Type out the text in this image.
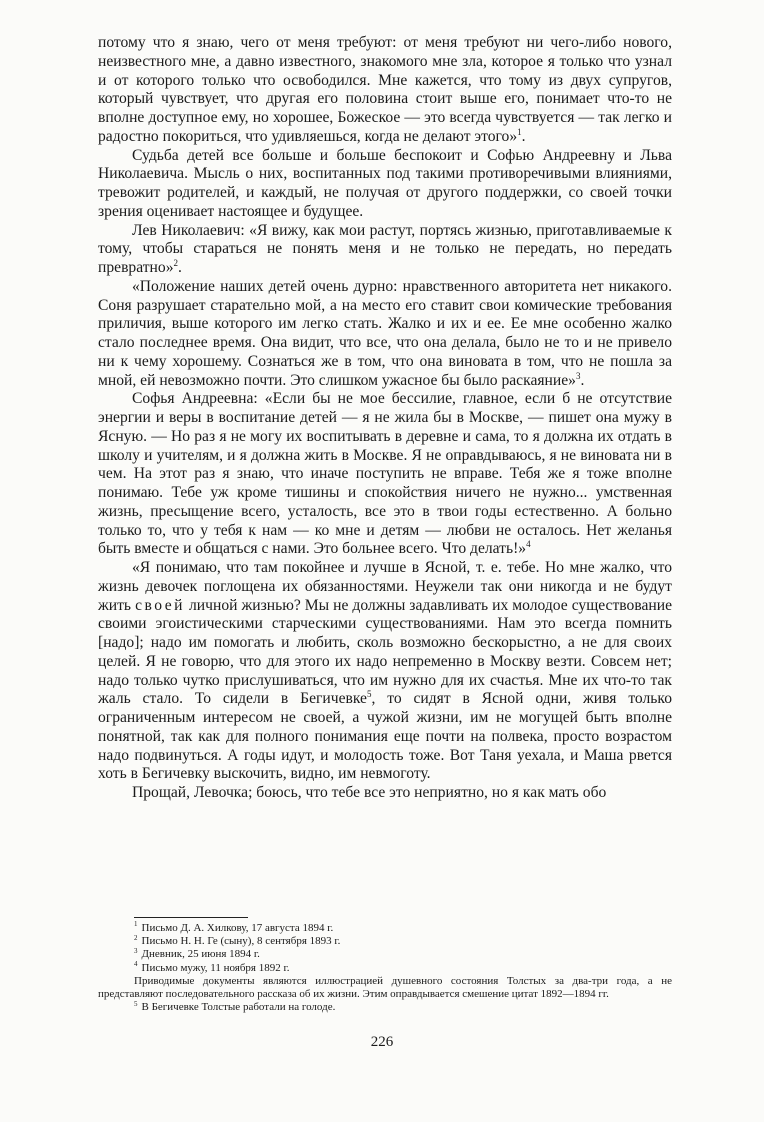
потому что я знаю, чего от меня требуют: от меня требуют ни чего-либо нового, неизвестного мне, а давно известного, знакомого мне зла, которое я только что узнал и от которого только что освободился. Мне кажется, что тому из двух супругов, который чувствует, что другая его половина стоит выше его, понимает что-то не вполне доступное ему, но хорошее, Божеское — это всегда чувствуется — так легко и радостно покориться, что удивляешься, когда не делают этого»$^1$.

Судьба детей все больше и больше беспокоит и Софью Андреевну и Льва Николаевича. Мысль о них, воспитанных под такими противоречивыми влияниями, тревожит родителей, и каждый, не получая от другого поддержки, со своей точки зрения оценивает настоящее и будущее.

Лев Николаевич: «Я вижу, как мои растут, портясь жизнью, приготавливаемые к тому, чтобы стараться не понять меня и не только не передать, но передать превратно»$^2$.

«Положение наших детей очень дурно: нравственного авторитета нет никакого. Соня разрушает старательно мой, а на место его ставит свои комические требования приличия, выше которого им легко стать. Жалко и их и ее. Ее мне особенно жалко стало последнее время. Она видит, что все, что она делала, было не то и не привело ни к чему хорошему. Сознаться же в том, что она виновата в том, что не пошла за мной, ей невозможно почти. Это слишком ужасное бы было раскаяние»$^3$.

Софья Андреевна: «Если бы не мое бессилие, главное, если б не отсутствие энергии и веры в воспитание детей — я не жила бы в Москве, — пишет она мужу в Ясную. — Но раз я не могу их воспитывать в деревне и сама, то я должна их отдать в школу и учителям, и я должна жить в Москве. Я не оправдываюсь, я не виновата ни в чем. На этот раз я знаю, что иначе поступить не вправе. Тебя же я тоже вполне понимаю. Тебе уж кроме тишины и спокойствия ничего не нужно... умственная жизнь, пресыщение всего, усталость, все это в твои годы естественно. А больно только то, что у тебя к нам — ко мне и детям — любви не осталось. Нет желанья быть вместе и общаться с нами. Это больнее всего. Что делать!»$^4$

«Я понимаю, что там покойнее и лучше в Ясной, т. е. тебе. Но мне жалко, что жизнь девочек поглощена их обязанностями. Неужели так они никогда и не будут жить своей личной жизнью? Мы не должны задавливать их молодое существование своими эгоистическими старческими существованиями. Нам это всегда помнить [надо]; надо им помогать и любить, сколь возможно бескорыстно, а не для своих целей. Я не говорю, что для этого их надо непременно в Москву везти. Совсем нет; надо только чутко прислушиваться, что им нужно для их счастья. Мне их что-то так жаль стало. То сидели в Бегичевке$^5$, то сидят в Ясной одни, живя только ограниченным интересом не своей, а чужой жизни, им не могущей быть вполне понятной, так как для полного понимания еще почти на полвека, просто возрастом надо подвинуться. А годы идут, и молодость тоже. Вот Таня уехала, и Маша рвется хоть в Бегичевку выскочить, видно, им невмоготу.

Прощай, Левочка; боюсь, что тебе все это неприятно, но я как мать обо

$^1$ Письмо Д. А. Хилкову, 17 августа 1894 г.
$^2$ Письмо Н. Н. Ге (сыну), 8 сентября 1893 г.
$^3$ Дневник, 25 июня 1894 г.
$^4$ Письмо мужу, 11 ноября 1892 г.
Приводимые документы являются иллюстрацией душевного состояния Толстых за два-три года, а не представляют последовательного рассказа об их жизни. Этим оправдывается смешение цитат 1892—1894 гг.
$^5$ В Бегичевке Толстые работали на голоде.
226
